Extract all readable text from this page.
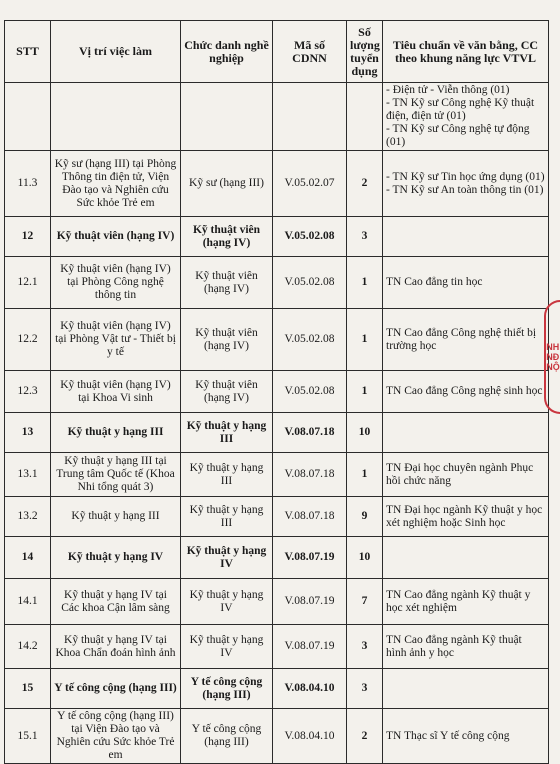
STT	Vị trí việc làm	Chức danh nghề nghiệp	Mã số CDNN	Số lượng tuyển dụng	Tiêu chuẩn về văn bằng, CC theo khung năng lực VTVL
					- Điện tử - Viễn thông (01)
- TN Kỹ sư Công nghệ Kỹ thuật điện, điện tử (01)
- TN Kỹ sư Công nghệ tự động (01)
11.3	Kỹ sư (hạng III) tại Phòng Thông tin điện tử, Viện Đào tạo và Nghiên cứu Sức khỏe Trẻ em	Kỹ sư (hạng III)	V.05.02.07	2	- TN Kỹ sư Tin học ứng dụng (01)
- TN Kỹ sư An toàn thông tin (01)
12	Kỹ thuật viên (hạng IV)	Kỹ thuật viên (hạng IV)	V.05.02.08	3	
12.1	Kỹ thuật viên (hạng IV) tại Phòng Công nghệ thông tin	Kỹ thuật viên (hạng IV)	V.05.02.08	1	TN Cao đẳng tin học
12.2	Kỹ thuật viên (hạng IV) tại Phòng Vật tư - Thiết bị y tế	Kỹ thuật viên (hạng IV)	V.05.02.08	1	TN Cao đẳng Công nghệ thiết bị trường học
12.3	Kỹ thuật viên (hạng IV) tại Khoa Vi sinh	Kỹ thuật viên (hạng IV)	V.05.02.08	1	TN Cao đẳng Công nghệ sinh học
13	Kỹ thuật y hạng III	Kỹ thuật y hạng III	V.08.07.18	10	
13.1	Kỹ thuật y hạng III tại Trung tâm Quốc tế (Khoa Nhi tổng quát 3)	Kỹ thuật y hạng III	V.08.07.18	1	TN Đại học chuyên ngành Phục hồi chức năng
13.2	Kỹ thuật y hạng III	Kỹ thuật y hạng III	V.08.07.18	9	TN Đại học ngành Kỹ thuật y học xét nghiệm hoặc Sinh học
14	Kỹ thuật y hạng IV	Kỹ thuật y hạng IV	V.08.07.19	10	
14.1	Kỹ thuật y hạng IV tại Các khoa Cận lâm sàng	Kỹ thuật y hạng IV	V.08.07.19	7	TN Cao đẳng ngành Kỹ thuật y học xét nghiệm
14.2	Kỹ thuật y hạng IV tại Khoa Chẩn đoán hình ảnh	Kỹ thuật y hạng IV	V.08.07.19	3	TN Cao đẳng ngành Kỹ thuật hình ảnh y học
15	Y tế công cộng (hạng III)	Y tế công cộng (hạng III)	V.08.04.10	3	
15.1	Y tế công cộng (hạng III) tại Viện Đào tạo và Nghiên cứu Sức khỏe Trẻ em	Y tế công cộng (hạng III)	V.08.04.10	2	TN Thạc sĩ Y tế công cộng
NH
NĐ
NỘ
